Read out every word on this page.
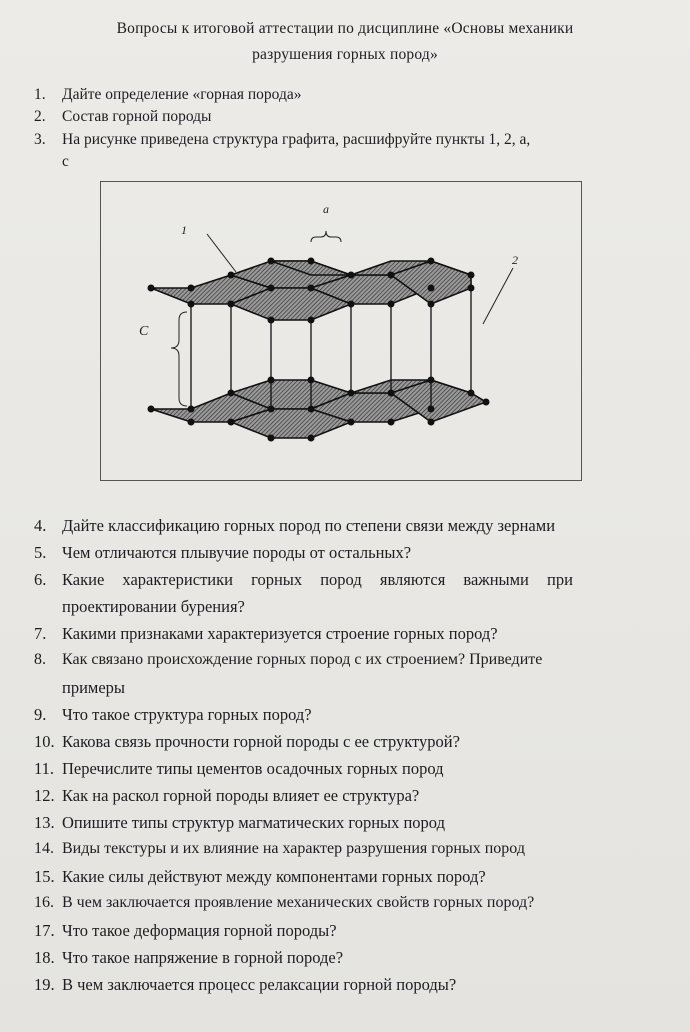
Вопросы к итоговой аттестации по дисциплине «Основы механики
разрушения горных пород»
1. Дайте определение «горная порода»
2. Состав горной породы
3. На рисунке приведена структура графита, расшифруйте пункты 1, 2, а,
с
a
1
2
C
4. Дайте классификацию горных пород по степени связи между зернами
5. Чем отличаются плывучие породы от остальных?
6. Какие характеристики горных пород являются важными при
проектировании бурения?
7. Какими признаками характеризуется строение горных пород?
8. Как связано происхождение горных пород с их строением? Приведите
примеры
9. Что такое структура горных пород?
10. Какова связь прочности горной породы с ее структурой?
11. Перечислите типы цементов осадочных горных пород
12. Как на раскол горной породы влияет ее структура?
13. Опишите типы структур магматических горных пород
14. Виды текстуры и их влияние на характер разрушения горных пород
15. Какие силы действуют между компонентами горных пород?
16. В чем заключается проявление механических свойств горных пород?
17. Что такое деформация горной породы?
18. Что такое напряжение в горной породе?
19. В чем заключается процесс релаксации горной породы?
